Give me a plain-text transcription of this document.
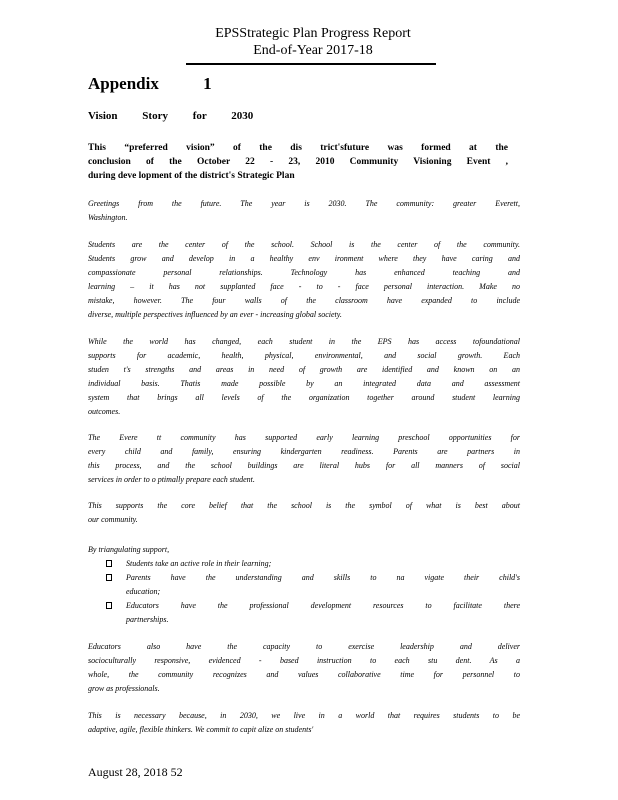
EPSStrategic Plan Progress Report
End-of-Year 2017-18
Appendix	1
Vision Story for 2030
This “preferred vision” of the dis trict'sfuture was formed at the
conclusion of the October 22 - 23, 2010 Community Visioning Event ,
during deve lopment of the district's Strategic Plan
Greetings from the future. The year is 2030. The community: greater Everett,
Washington.
Students are the center of the school. School is the center of the community.
Students grow and develop in a healthy env ironment where they have caring and
compassionate personal relationships. Technology has enhanced teaching and
learning – it has not supplanted face - to - face personal interaction. Make no
mistake, however. The four walls of the classroom have expanded to include
diverse, multiple perspectives influenced by an ever - increasing global society.
While the world has changed, each student in the EPS has access tofoundational
supports for academic, health, physical, environmental, and social growth. Each
studen t's strengths and areas in need of growth are identified and known on an
individual basis. Thatis made possible by an integrated data and assessment
system that brings all levels of the organization together around student learning
outcomes.
The Evere tt community has supported early learning preschool opportunities for
every child and family, ensuring kindergarten readiness. Parents are partners in
this process, and the school buildings are literal hubs for all manners of social
services in order to o ptimally prepare each student.
This supports the core belief that the school is the symbol of what is best about
our community.
By triangulating support,
Students take an active role in their learning;
Parents have the understanding and skills to na vigate their child's
education;
Educators have the professional development resources to facilitate there
partnerships.
Educators also have the capacity to exercise leadership and deliver
socioculturally responsive, evidenced - based instruction to each stu dent. As a
whole, the community recognizes and values collaborative time for personnel to
grow as professionals.
This is necessary because, in 2030, we live in a world that requires students to be
adaptive, agile, flexible thinkers. We commit to capit alize on students'
August 28, 2018 52
